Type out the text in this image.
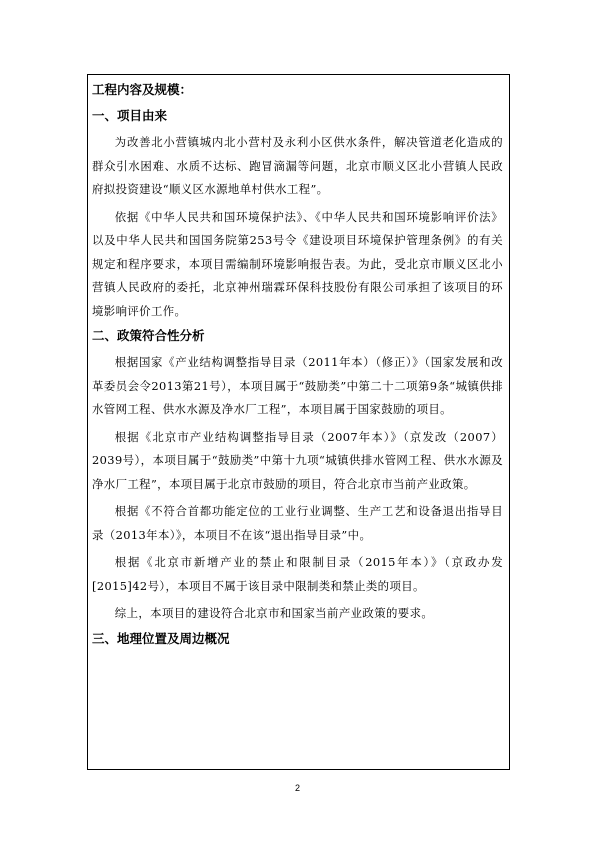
工程内容及规模：
一、项目由来

为改善北小营镇城内北小营村及永利小区供水条件，解决管道老化造成的群众引水困难、水质不达标、跑冒滴漏等问题，北京市顺义区北小营镇人民政府拟投资建设“顺义区水源地单村供水工程”。

依据《中华人民共和国环境保护法》、《中华人民共和国环境影响评价法》以及中华人民共和国国务院第253号令《建设项目环境保护管理条例》的有关规定和程序要求，本项目需编制环境影响报告表。为此，受北京市顺义区北小营镇人民政府的委托，北京神州瑞霖环保科技股份有限公司承担了该项目的环境影响评价工作。

二、政策符合性分析

根据国家《产业结构调整指导目录（2011年本）（修正）》（国家发展和改革委员会令2013第21号），本项目属于“鼓励类”中第二十二项第9条“城镇供排水管网工程、供水水源及净水厂工程”，本项目属于国家鼓励的项目。

根据《北京市产业结构调整指导目录（2007年本）》（京发改（2007）2039号），本项目属于“鼓励类”中第十九项“城镇供排水管网工程、供水水源及净水厂工程”，本项目属于北京市鼓励的项目，符合北京市当前产业政策。

根据《不符合首都功能定位的工业行业调整、生产工艺和设备退出指导目录（2013年本）》，本项目不在该“退出指导目录”中。

根据《北京市新增产业的禁止和限制目录（2015年本）》（京政办发[2015]42号），本项目不属于该目录中限制类和禁止类的项目。

综上，本项目的建设符合北京市和国家当前产业政策的要求。

三、地理位置及周边概况
2
